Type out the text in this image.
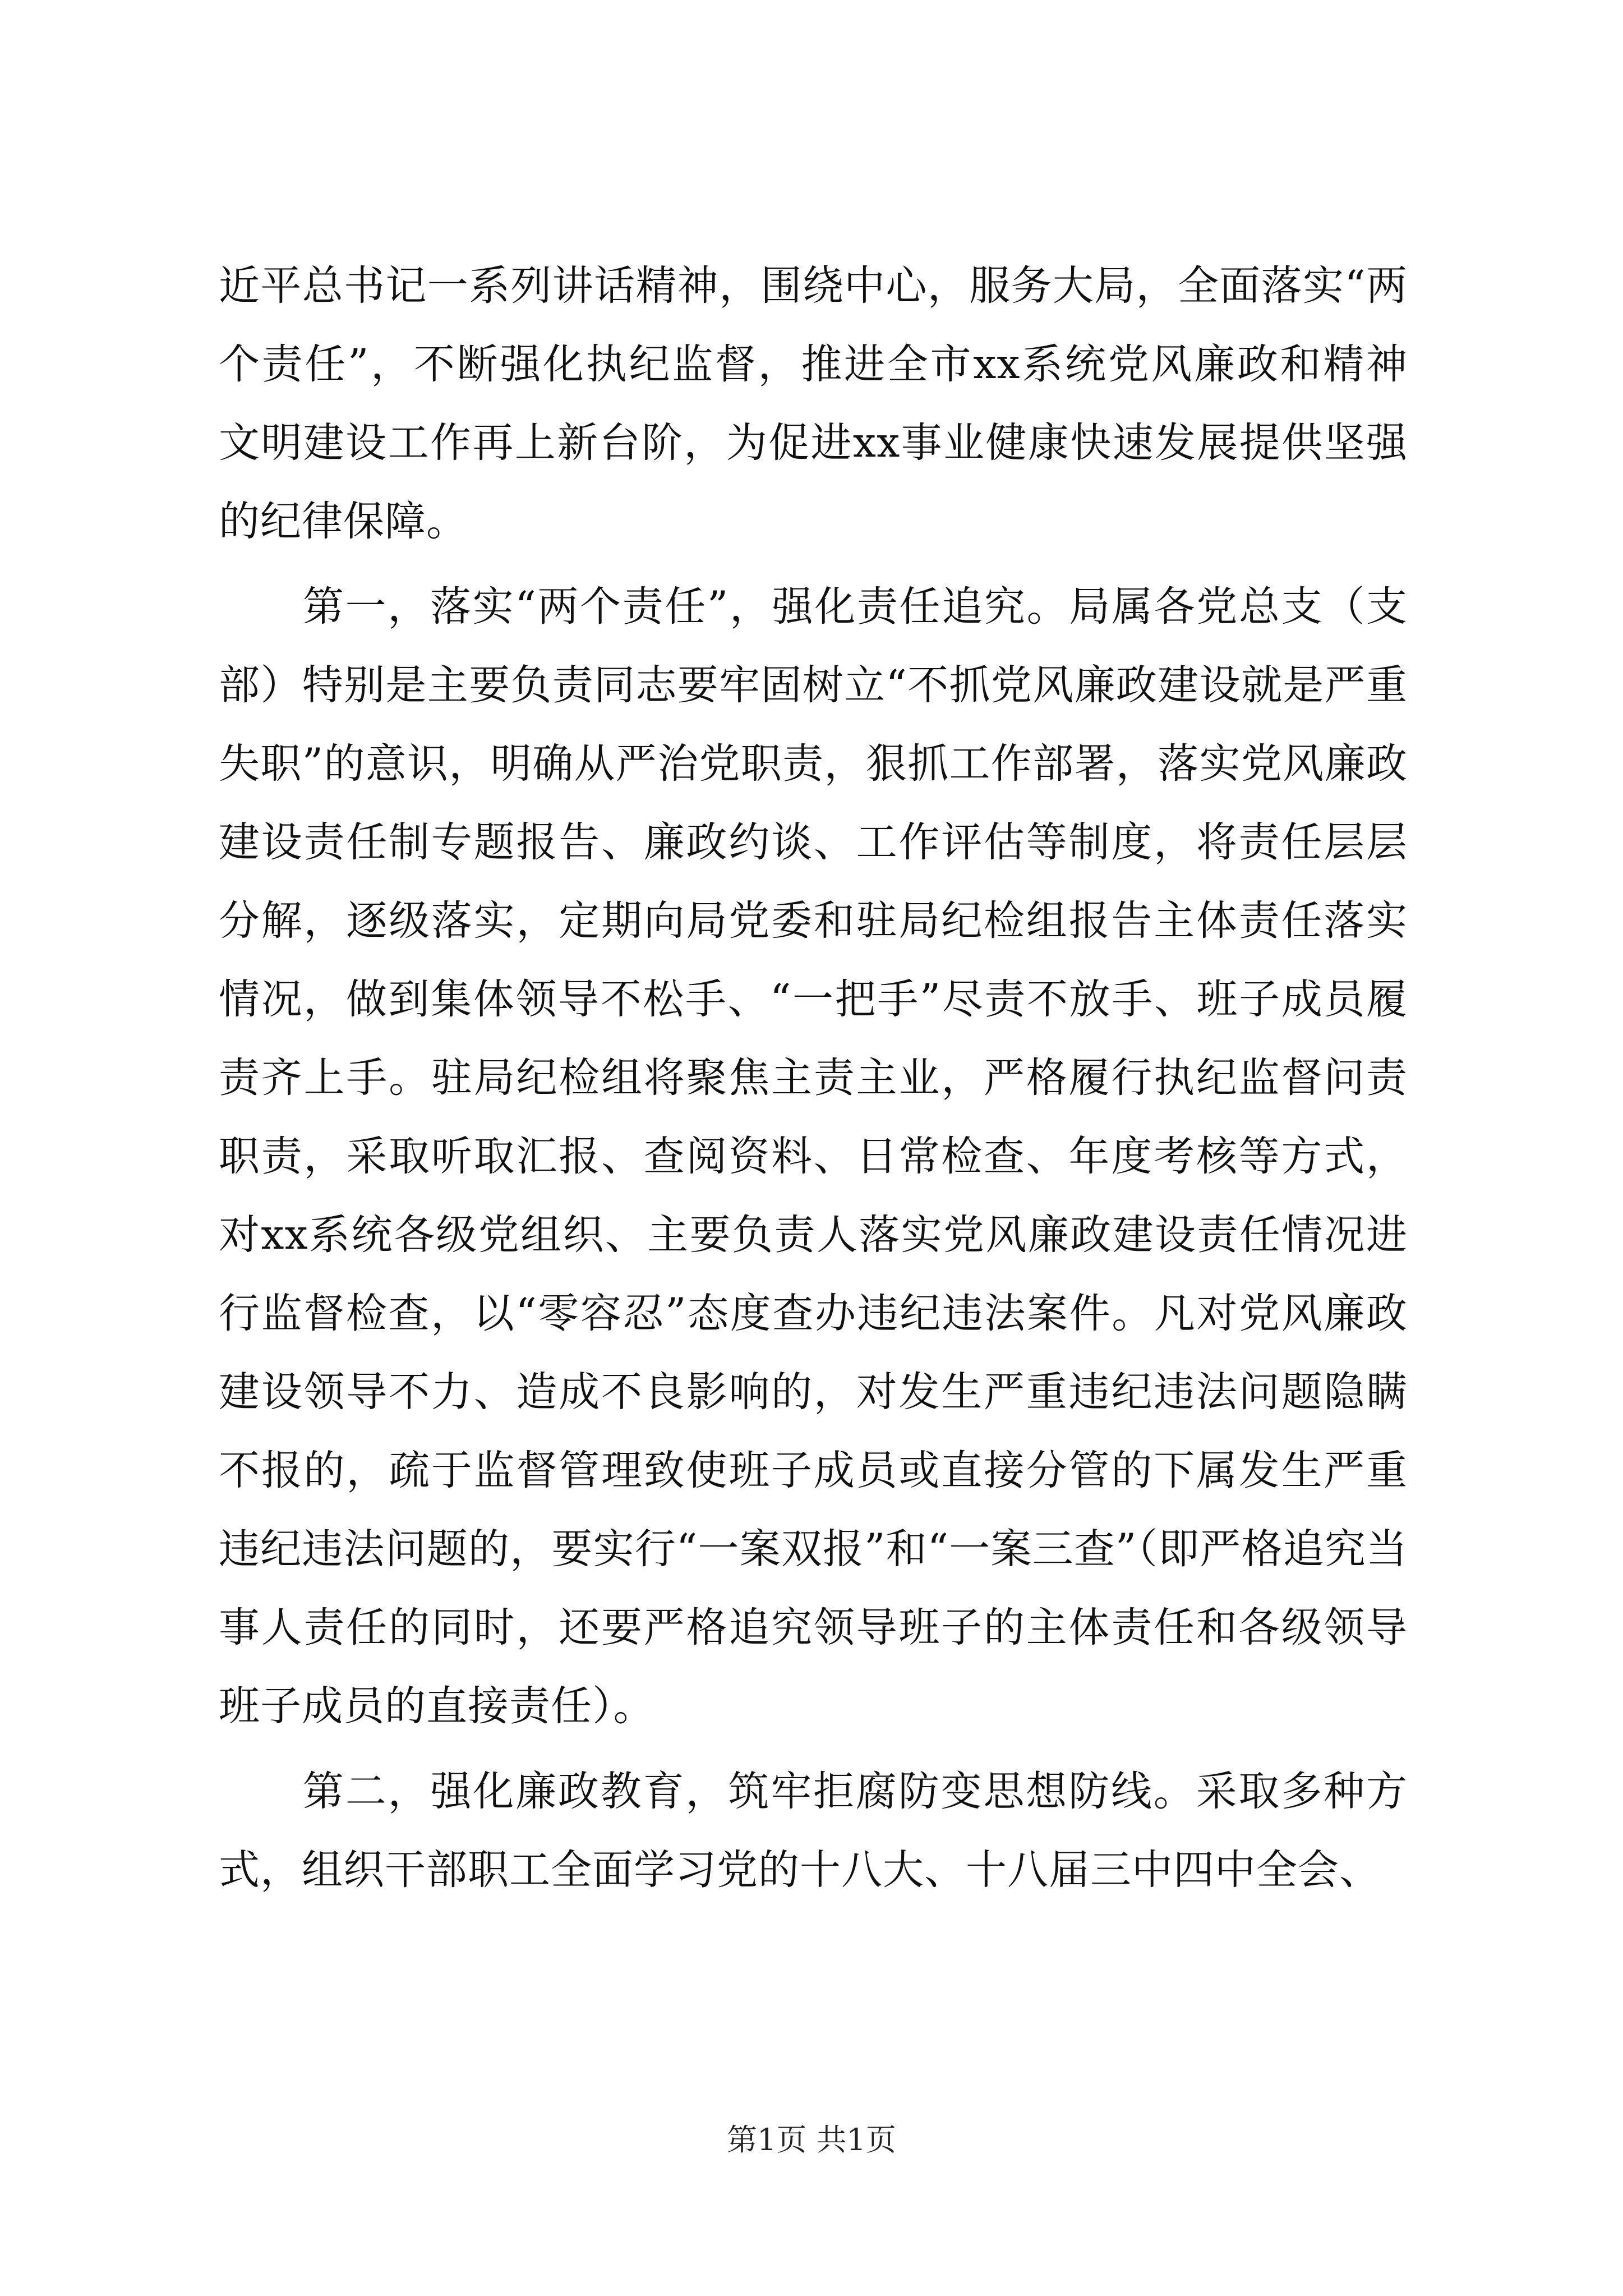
近平总书记一系列讲话精神，围绕中心，服务大局，全面落实“两个责任”，不断强化执纪监督，推进全市xx系统党风廉政和精神文明建设工作再上新台阶，为促进xx事业健康快速发展提供坚强的纪律保障。

第一，落实“两个责任”，强化责任追究。局属各党总支（支部）特别是主要负责同志要牢固树立“不抓党风廉政建设就是严重失职”的意识，明确从严治党职责，狠抓工作部署，落实党风廉政建设责任制专题报告、廉政约谈、工作评估等制度，将责任层层分解，逐级落实，定期向局党委和驻局纪检组报告主体责任落实情况，做到集体领导不松手、“一把手”尽责不放手、班子成员履责齐上手。驻局纪检组将聚焦主责主业，严格履行执纪监督问责职责，采取听取汇报、查阅资料、日常检查、年度考核等方式，对xx系统各级党组织、主要负责人落实党风廉政建设责任情况进行监督检查，以“零容忍”态度查办违纪违法案件。凡对党风廉政建设领导不力、造成不良影响的，对发生严重违纪违法问题隐瞒不报的，疏于监督管理致使班子成员或直接分管的下属发生严重违纪违法问题的，要实行“一案双报”和“一案三查”（即严格追究当事人责任的同时，还要严格追究领导班子的主体责任和各级领导班子成员的直接责任）。

第二，强化廉政教育，筑牢拒腐防变思想防线。采取多种方式，组织干部职工全面学习党的十八大、十八届三中四中全会、

第1页 共1页
